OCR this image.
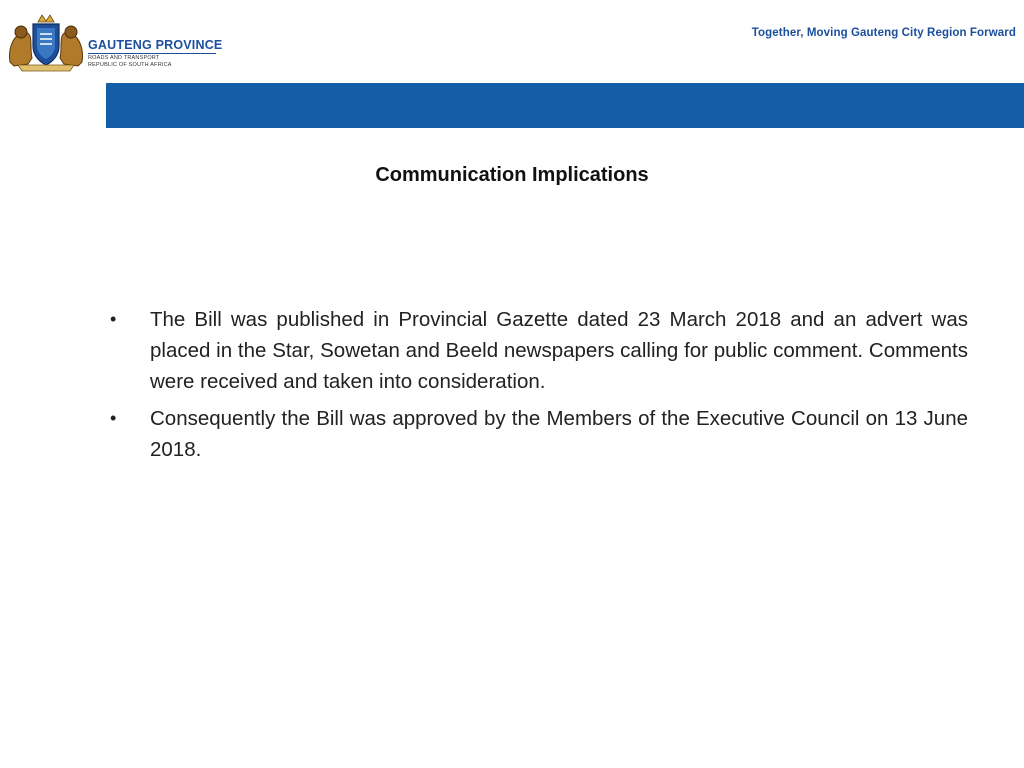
GAUTENG PROVINCE
ROADS AND TRANSPORT
REPUBLIC OF SOUTH AFRICA
Together, Moving Gauteng City Region Forward
Communication Implications
• The Bill was published in Provincial Gazette dated 23 March 2018 and an advert was placed in the Star, Sowetan and Beeld newspapers calling for public comment. Comments were received and taken into consideration.
• Consequently the Bill was approved by the Members of the Executive Council on 13 June 2018.
